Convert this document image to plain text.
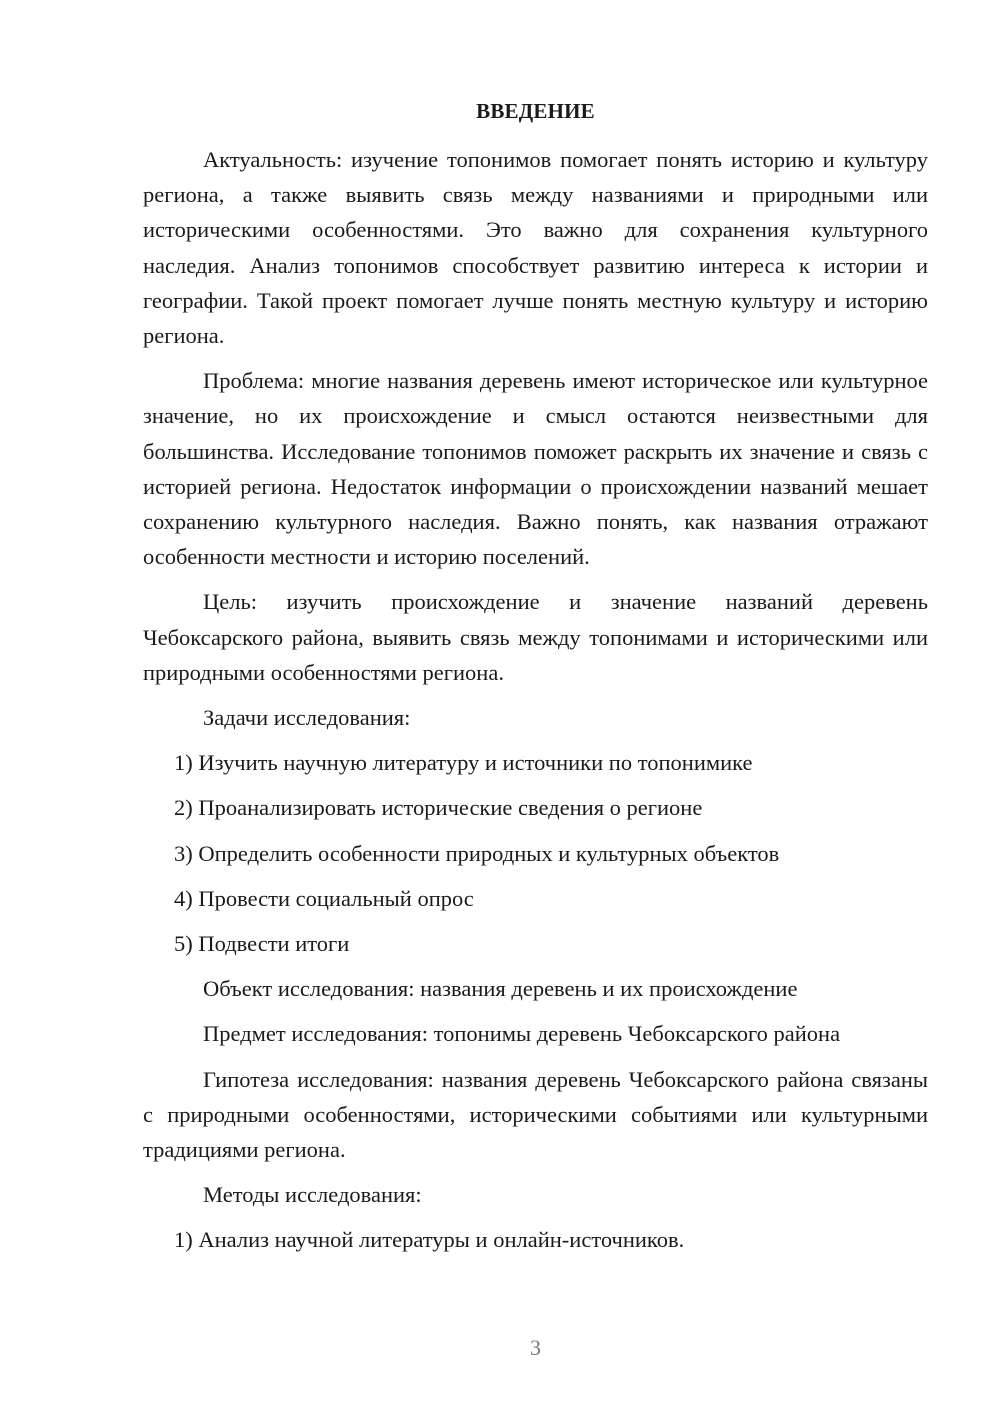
ВВЕДЕНИЕ

Актуальность: изучение топонимов помогает понять историю и культуру региона, а также выявить связь между названиями и природными или историческими особенностями. Это важно для сохранения культурного наследия. Анализ топонимов способствует развитию интереса к истории и географии. Такой проект помогает лучше понять местную культуру и историю региона.

Проблема: многие названия деревень имеют историческое или культурное значение, но их происхождение и смысл остаются неизвестными для большинства. Исследование топонимов поможет раскрыть их значение и связь с историей региона. Недостаток информации о происхождении названий мешает сохранению культурного наследия. Важно понять, как названия отражают особенности местности и историю поселений.

Цель: изучить происхождение и значение названий деревень Чебоксарского района, выявить связь между топонимами и историческими или природными особенностями региона.

Задачи исследования:

1) Изучить научную литературу и источники по топонимике

2) Проанализировать исторические сведения о регионе

3) Определить особенности природных и культурных объектов

4) Провести социальный опрос

5) Подвести итоги

Объект исследования: названия деревень и их происхождение

Предмет исследования: топонимы деревень Чебоксарского района

Гипотеза исследования: названия деревень Чебоксарского района связаны с природными особенностями, историческими событиями или культурными традициями региона.

Методы исследования:

1) Анализ научной литературы и онлайн-источников.

3
